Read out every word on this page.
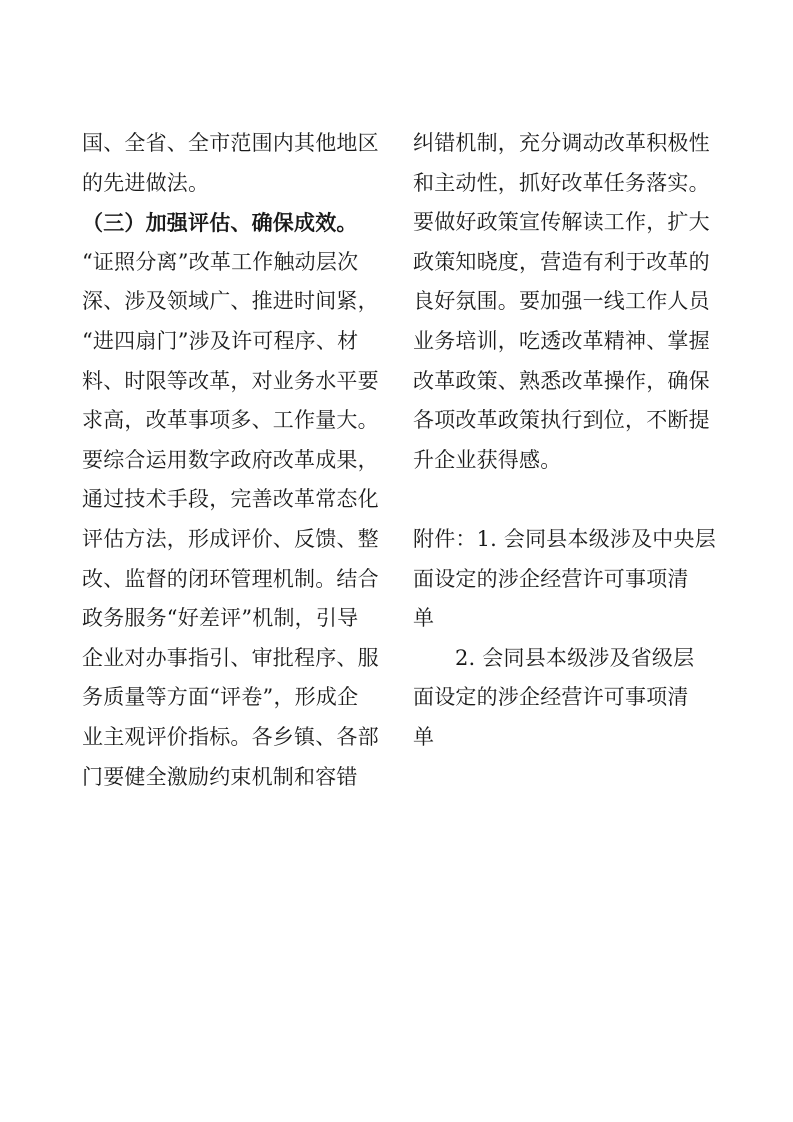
国、全省、全市范围内其他地区
的先进做法。
（三）加强评估、确保成效。
“证照分离”改革工作触动层次
深、涉及领域广、推进时间紧，
“进四扇门”涉及许可程序、材
料、时限等改革，对业务水平要
求高，改革事项多、工作量大。
要综合运用数字政府改革成果，
通过技术手段，完善改革常态化
评估方法，形成评价、反馈、整
改、监督的闭环管理机制。结合
政务服务“好差评”机制，引导
企业对办事指引、审批程序、服
务质量等方面“评卷”，形成企
业主观评价指标。各乡镇、各部
门要健全激励约束机制和容错
纠错机制，充分调动改革积极性
和主动性，抓好改革任务落实。
要做好政策宣传解读工作，扩大
政策知晓度，营造有利于改革的
良好氛围。要加强一线工作人员
业务培训，吃透改革精神、掌握
改革政策、熟悉改革操作，确保
各项改革政策执行到位，不断提
升企业获得感。
附件：1. 会同县本级涉及中央层
面设定的涉企经营许可事项清
单
2. 会同县本级涉及省级层
面设定的涉企经营许可事项清
单
